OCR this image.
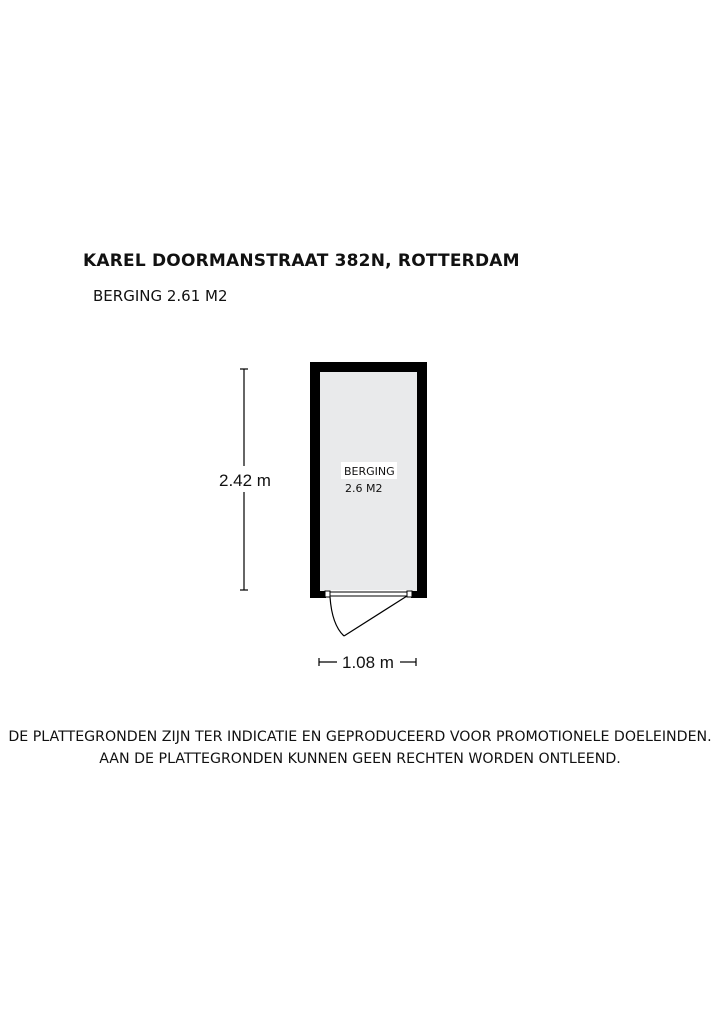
KAREL DOORMANSTRAAT 382N, ROTTERDAM
BERGING 2.61 M2
2.42 m
1.08 m
BERGING
2.6 M2
DE PLATTEGRONDEN ZIJN TER INDICATIE EN GEPRODUCEERD VOOR PROMOTIONELE DOELEINDEN.
AAN DE PLATTEGRONDEN KUNNEN GEEN RECHTEN WORDEN ONTLEEND.
